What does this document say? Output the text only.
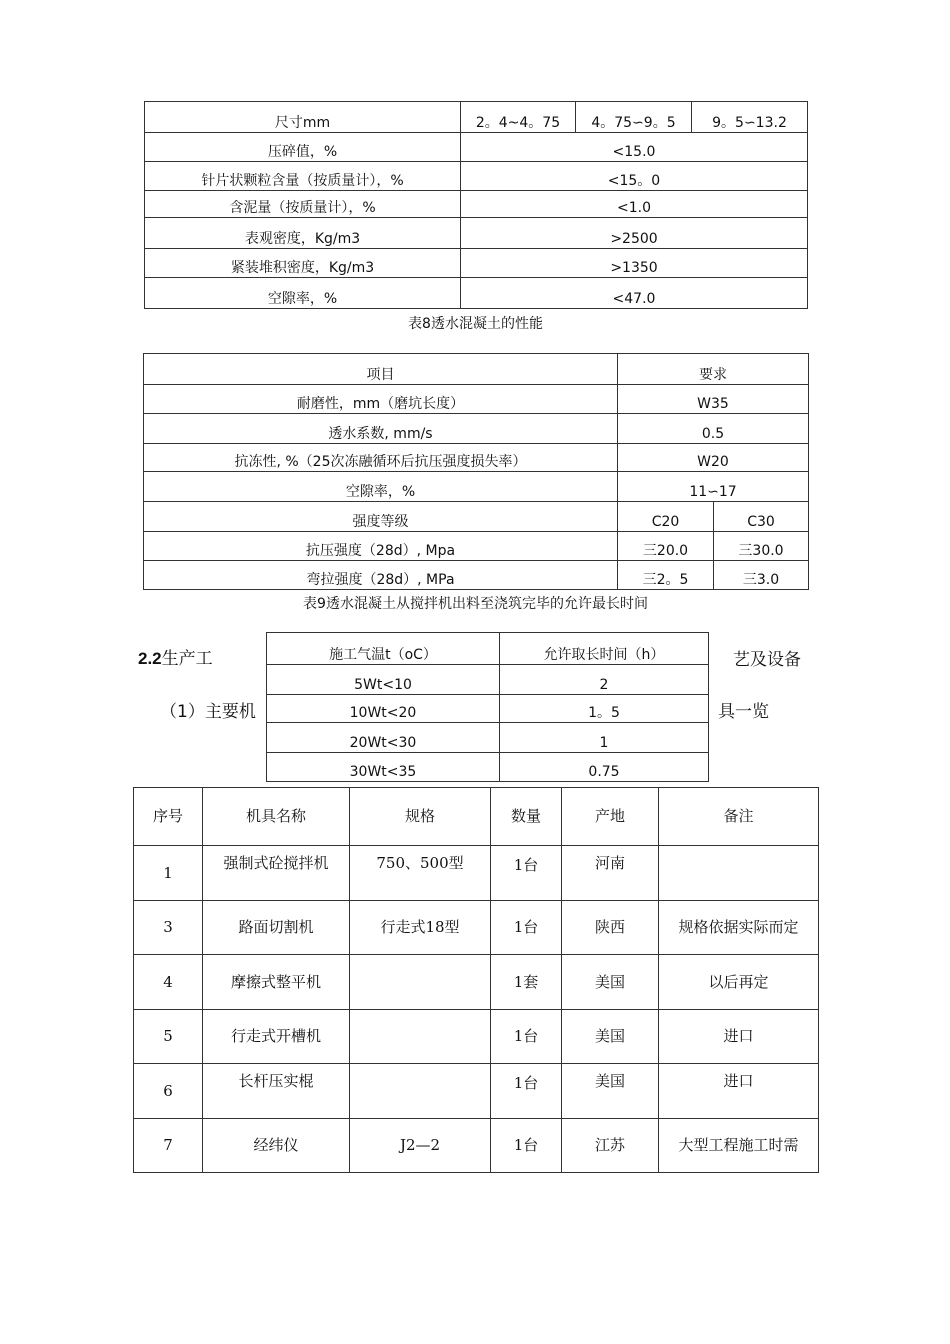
尺寸mm	2。4~4。75	4。75∽9。5	9。5∽13.2
压碎值，%	<15.0		
针片状颗粒含量（按质量计），%	<15。0		
含泥量（按质量计），%	<1.0		
表观密度，Kg/m3	>2500		
紧装堆积密度，Kg/m3	>1350		
空隙率，%	<47.0		
表8透水混凝土的性能
项目	要求	
耐磨性，mm（磨坑长度）	W35	
透水系数, mm/s	0.5	
抗冻性, %（25次冻融循环后抗压强度损失率）	W20	
空隙率，%	11∽17	
强度等级	C20	C30
抗压强度（28d）, Mpa	三20.0	三30.0
弯拉强度（28d）, MPa	三2。5	三3.0
表9透水混凝土从搅拌机出料至浇筑完毕的允许最长时间
2.2生产工	艺及设备
（1）主要机	具一览
施工气温t（oC）	允许取长时间（h）
5Wt<10	2
10Wt<20	1。5
20Wt<30	1
30Wt<35	0.75
序号	机具名称	规格	数量	产地	备注
1	强制式砼搅拌机	750、500型	1台	河南	
3	路面切割机	行走式18型	1台	陕西	规格依据实际而定
4	摩擦式整平机		1套	美国	以后再定
5	行走式开槽机		1台	美国	进口
6	长杆压实棍		1台	美国	进口
7	经纬仪	J2—2	1台	江苏	大型工程施工时需
